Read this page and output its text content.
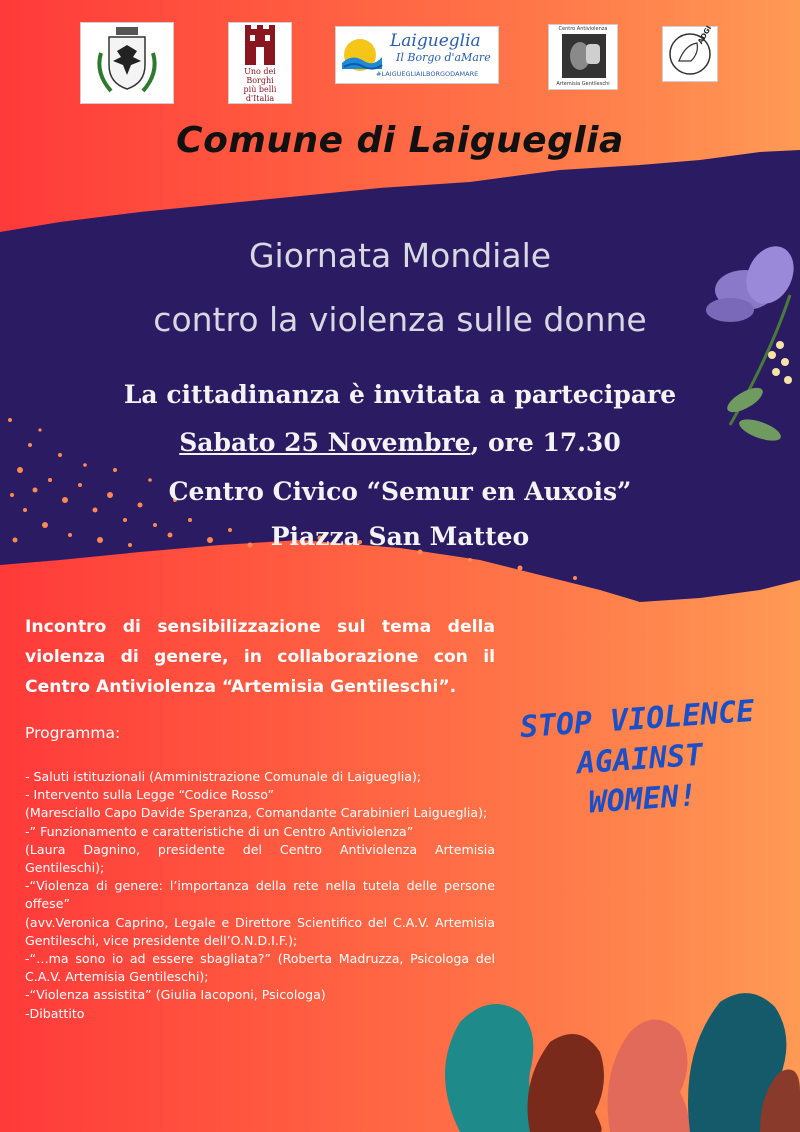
Uno dei
Borghi
più belli
d'Italia
Laigueglia
Il Borgo d'aMare
#LAIGUEGLIAILBORGODAMARE
Centro Antiviolenza
Artemisia Gentileschi
ADGI
Comune di Laigueglia
Giornata Mondiale
contro la violenza sulle donne
La cittadinanza è invitata a partecipare
Sabato 25 Novembre, ore 17.30
Centro Civico “Semur en Auxois”
Piazza San Matteo
Incontro di sensibilizzazione sul tema della violenza di genere, in collaborazione con il Centro Antiviolenza “Artemisia Gentileschi”.
Programma:

- Saluti istituzionali (Amministrazione Comunale di Laigueglia);

- Intervento sulla Legge “Codice Rosso”

(Maresciallo Capo Davide Speranza, Comandante Carabinieri Laigueglia);

-” Funzionamento e caratteristiche di un Centro Antiviolenza”

(Laura Dagnino, presidente del Centro Antiviolenza Artemisia Gentileschi);

-“Violenza di genere: l’importanza della rete nella tutela delle persone offese”

(avv.Veronica Caprino, Legale e Direttore Scientifico del C.A.V. Artemisia Gentileschi, vice presidente dell’O.N.D.I.F.);

-“…ma sono io ad essere sbagliata?” (Roberta Madruzza, Psicologa del C.A.V. Artemisia Gentileschi);

-“Violenza assistita” (Giulia Iacoponi, Psicologa)

-Dibattito

STOP VIOLENCE
AGAINST
WOMEN!
